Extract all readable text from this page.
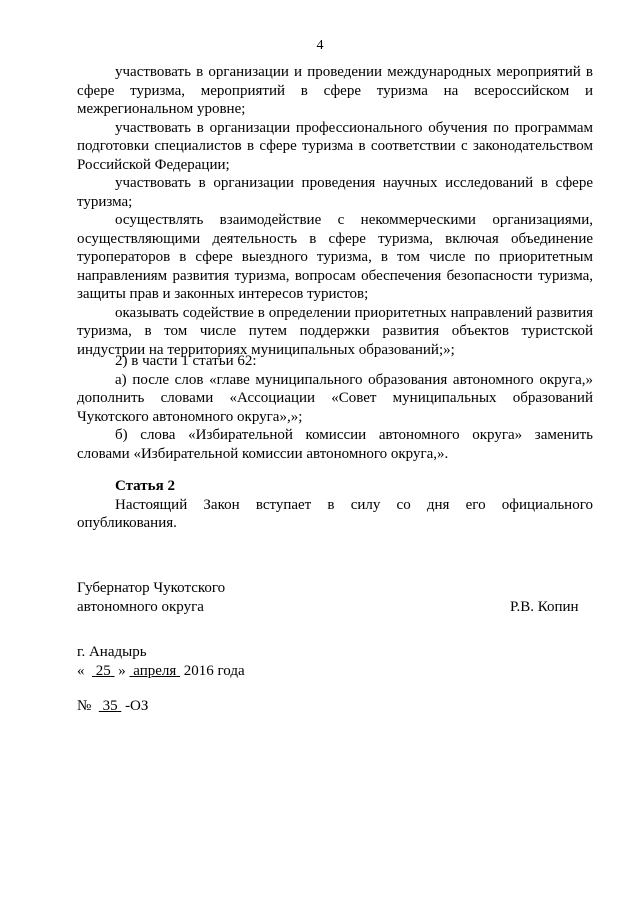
4

участвовать в организации и проведении международных мероприятий в сфере туризма, мероприятий в сфере туризма на всероссийском и межрегиональном уровне;

участвовать в организации профессионального обучения по программам подготовки специалистов в сфере туризма в соответствии с законодательством Российской Федерации;

участвовать в организации проведения научных исследований в сфере туризма;

осуществлять взаимодействие с некоммерческими организациями, осуществляющими деятельность в сфере туризма, включая объединение туроператоров в сфере выездного туризма, в том числе по приоритетным направлениям развития туризма, вопросам обеспечения безопасности туризма, защиты прав и законных интересов туристов;

оказывать содействие в определении приоритетных направлений развития туризма, в том числе путем поддержки развития объектов туристской индустрии на территориях муниципальных образований;»;

2) в части 1 статьи 62:

а) после слов «главе муниципального образования автономного округа,» дополнить словами «Ассоциации «Совет муниципальных образований Чукотского автономного округа»,»;

б) слова «Избирательной комиссии автономного округа» заменить словами «Избирательной комиссии автономного округа,».

Статья 2

Настоящий Закон вступает в силу со дня его официального опубликования.

Губернатор Чукотского
автономного округа	Р.В. Копин
г. Анадырь
« 25 » апреля 2016 года
№ 35 -ОЗ
